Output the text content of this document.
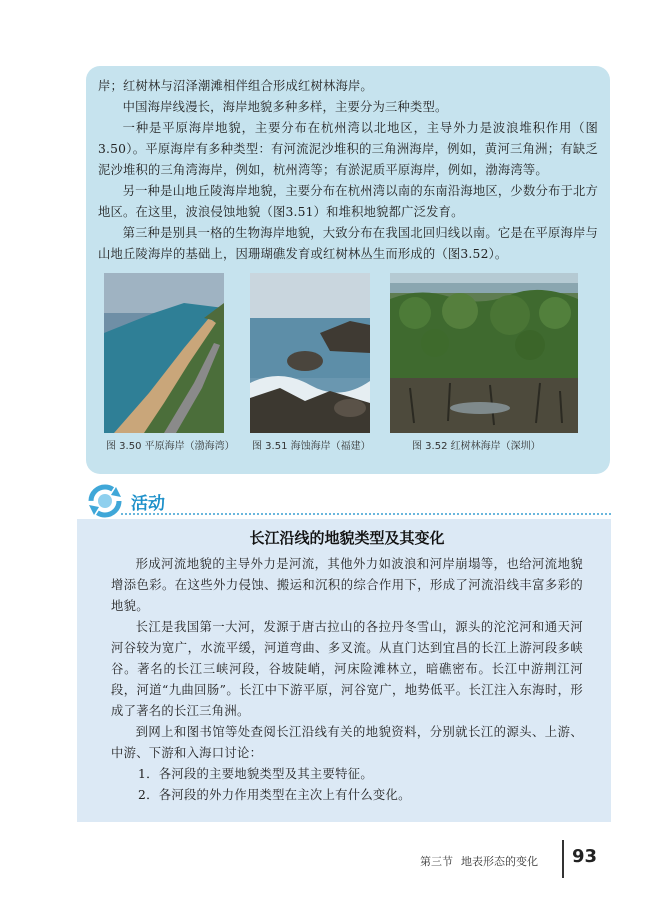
岸；红树林与沼泽潮滩相伴组合形成红树林海岸。

中国海岸线漫长，海岸地貌多种多样，主要分为三种类型。

一种是平原海岸地貌，主要分布在杭州湾以北地区，主导外力是波浪堆积作用（图3.50）。平原海岸有多种类型：有河流泥沙堆积的三角洲海岸，例如，黄河三角洲；有缺乏泥沙堆积的三角湾海岸，例如，杭州湾等；有淤泥质平原海岸，例如，渤海湾等。

另一种是山地丘陵海岸地貌，主要分布在杭州湾以南的东南沿海地区，少数分布于北方地区。在这里，波浪侵蚀地貌（图3.51）和堆积地貌都广泛发育。

第三种是别具一格的生物海岸地貌，大致分布在我国北回归线以南。它是在平原海岸与山地丘陵海岸的基础上，因珊瑚礁发育或红树林丛生而形成的（图3.52）。

图 3.50 平原海岸（渤海湾） 图 3.51 海蚀海岸（福建）	图 3.52 红树林海岸（深圳）
活动
长江沿线的地貌类型及其变化

形成河流地貌的主导外力是河流，其他外力如波浪和河岸崩塌等，也给河流地貌增添色彩。在这些外力侵蚀、搬运和沉积的综合作用下，形成了河流沿线丰富多彩的地貌。

长江是我国第一大河，发源于唐古拉山的各拉丹冬雪山，源头的沱沱河和通天河河谷较为宽广，水流平缓，河道弯曲、多叉流。从直门达到宜昌的长江上游河段多峡谷。著名的长江三峡河段，谷坡陡峭，河床险滩林立，暗礁密布。长江中游荆江河段，河道“九曲回肠”。长江中下游平原，河谷宽广，地势低平。长江注入东海时，形成了著名的长江三角洲。

到网上和图书馆等处查阅长江沿线有关的地貌资料，分别就长江的源头、上游、中游、下游和入海口讨论：

1．各河段的主要地貌类型及其主要特征。

2．各河段的外力作用类型在主次上有什么变化。

第三节 地表形态的变化 93
